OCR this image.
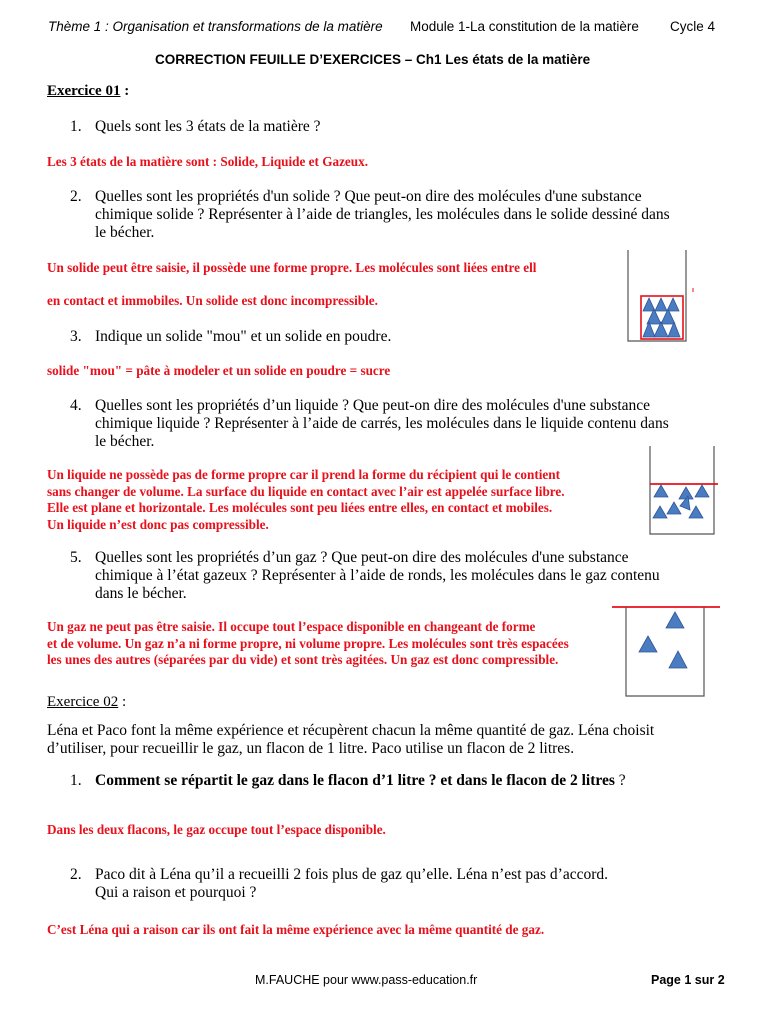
Thème 1 : Organisation et transformations de la matière Module 1-La constitution de la matière Cycle 4
CORRECTION FEUILLE D’EXERCICES – Ch1 Les états de la matière
Exercice 01 :
1. Quels sont les 3 états de la matière ?
Les 3 états de la matière sont : Solide, Liquide et Gazeux.
2. Quelles sont les propriétés d'un solide ? Que peut-on dire des molécules d'une substance
chimique solide ? Représenter à l’aide de triangles, les molécules dans le solide dessiné dans
le bécher.
Un solide peut être saisie, il possède une forme propre. Les molécules sont liées entre ell
en contact et immobiles. Un solide est donc incompressible.
3. Indique un solide "mou" et un solide en poudre.
solide "mou" = pâte à modeler et un solide en poudre = sucre
4. Quelles sont les propriétés d’un liquide ? Que peut-on dire des molécules d'une substance
chimique liquide ? Représenter à l’aide de carrés, les molécules dans le liquide contenu dans
le bécher.
Un liquide ne possède pas de forme propre car il prend la forme du récipient qui le contient
sans changer de volume. La surface du liquide en contact avec l’air est appelée surface libre.
Elle est plane et horizontale. Les molécules sont peu liées entre elles, en contact et mobiles.
Un liquide n’est donc pas compressible.
5. Quelles sont les propriétés d’un gaz ? Que peut-on dire des molécules d'une substance
chimique à l’état gazeux ? Représenter à l’aide de ronds, les molécules dans le gaz contenu
dans le bécher.
Un gaz ne peut pas être saisie. Il occupe tout l’espace disponible en changeant de forme
et de volume. Un gaz n’a ni forme propre, ni volume propre. Les molécules sont très espacées
les unes des autres (séparées par du vide) et sont très agitées. Un gaz est donc compressible.
Exercice 02 :
Léna et Paco font la même expérience et récupèrent chacun la même quantité de gaz. Léna choisit
d’utiliser, pour recueillir le gaz, un flacon de 1 litre. Paco utilise un flacon de 2 litres.
1. Comment se répartit le gaz dans le flacon d’1 litre ? et dans le flacon de 2 litres ?
Dans les deux flacons, le gaz occupe tout l’espace disponible.
2. Paco dit à Léna qu’il a recueilli 2 fois plus de gaz qu’elle. Léna n’est pas d’accord.
Qui a raison et pourquoi ?
C’est Léna qui a raison car ils ont fait la même expérience avec la même quantité de gaz.
M.FAUCHE pour www.pass-education.fr	Page 1 sur 2
